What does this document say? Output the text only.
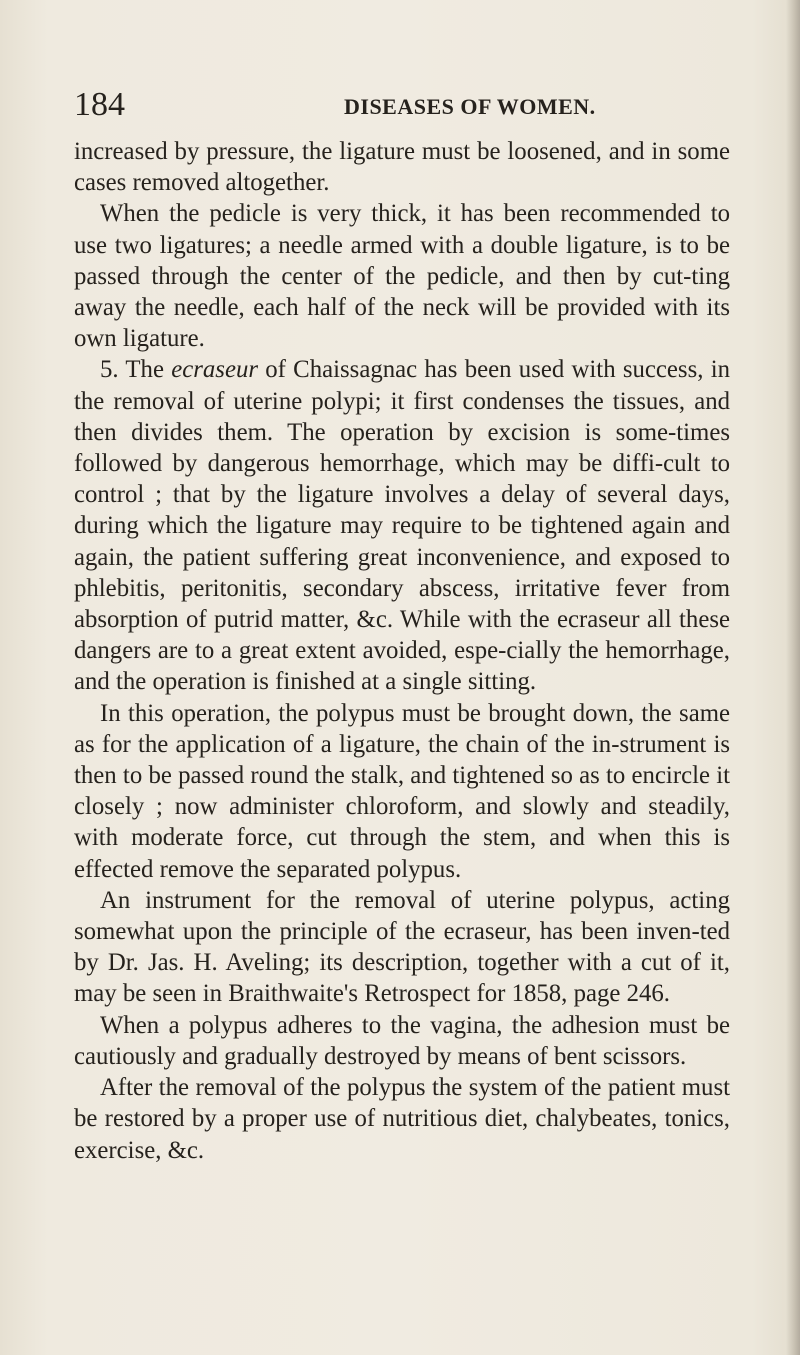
184	DISEASES OF WOMEN.

increased by pressure, the ligature must be loosened, and in some cases removed altogether.

When the pedicle is very thick, it has been recommended to use two ligatures; a needle armed with a double ligature, is to be passed through the center of the pedicle, and then by cut-ting away the needle, each half of the neck will be provided with its own ligature.

5. The ecraseur of Chaissagnac has been used with success, in the removal of uterine polypi; it first condenses the tissues, and then divides them. The operation by excision is some-times followed by dangerous hemorrhage, which may be diffi-cult to control ; that by the ligature involves a delay of several days, during which the ligature may require to be tightened again and again, the patient suffering great inconvenience, and exposed to phlebitis, peritonitis, secondary abscess, irritative fever from absorption of putrid matter, &c. While with the ecraseur all these dangers are to a great extent avoided, espe-cially the hemorrhage, and the operation is finished at a single sitting.

In this operation, the polypus must be brought down, the same as for the application of a ligature, the chain of the in-strument is then to be passed round the stalk, and tightened so as to encircle it closely ; now administer chloroform, and slowly and steadily, with moderate force, cut through the stem, and when this is effected remove the separated polypus.

An instrument for the removal of uterine polypus, acting somewhat upon the principle of the ecraseur, has been inven-ted by Dr. Jas. H. Aveling; its description, together with a cut of it, may be seen in Braithwaite's Retrospect for 1858, page 246.

When a polypus adheres to the vagina, the adhesion must be cautiously and gradually destroyed by means of bent scissors.

After the removal of the polypus the system of the patient must be restored by a proper use of nutritious diet, chalybeates, tonics, exercise, &c.
